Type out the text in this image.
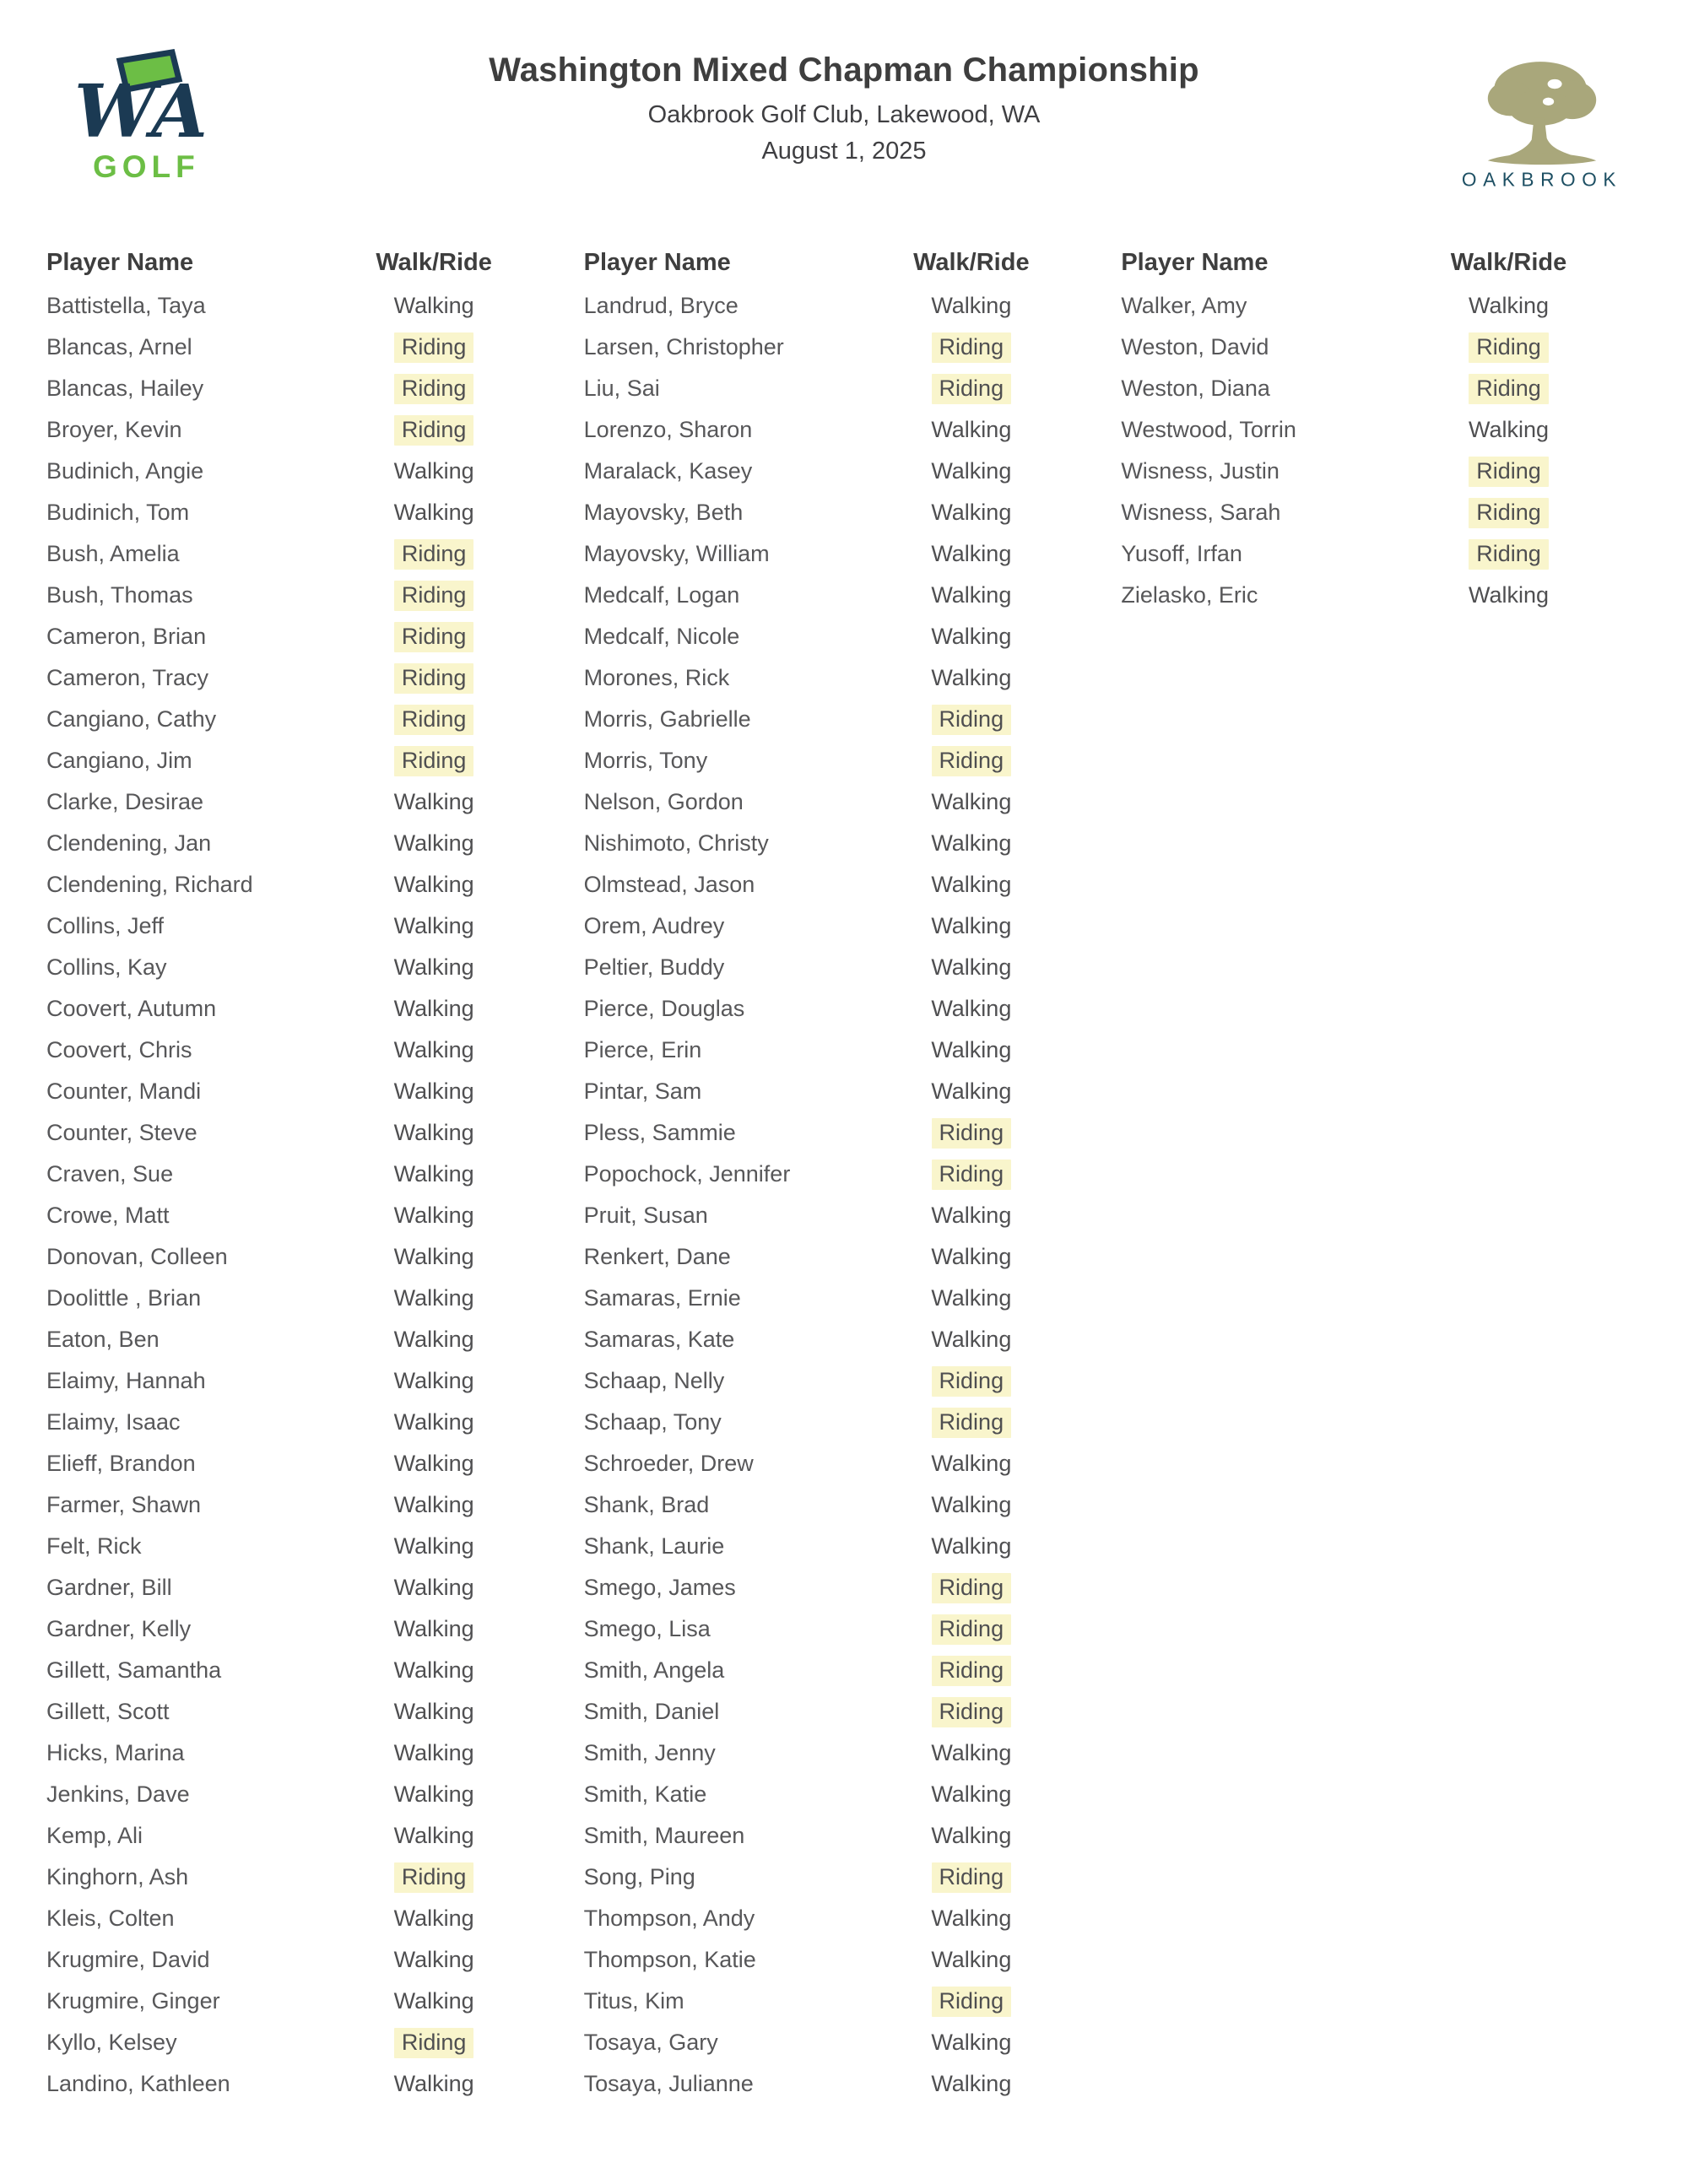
WA
GOLF
Washington Mixed Chapman Championship
Oakbrook Golf Club, Lakewood, WA
August 1, 2025
OAKBROOK
Player Name	Walk/Ride
Battistella, Taya	Walking
Blancas, Arnel	Riding
Blancas, Hailey	Riding
Broyer, Kevin	Riding
Budinich, Angie	Walking
Budinich, Tom	Walking
Bush, Amelia	Riding
Bush, Thomas	Riding
Cameron, Brian	Riding
Cameron, Tracy	Riding
Cangiano, Cathy	Riding
Cangiano, Jim	Riding
Clarke, Desirae	Walking
Clendening, Jan	Walking
Clendening, Richard	Walking
Collins, Jeff	Walking
Collins, Kay	Walking
Coovert, Autumn	Walking
Coovert, Chris	Walking
Counter, Mandi	Walking
Counter, Steve	Walking
Craven, Sue	Walking
Crowe, Matt	Walking
Donovan, Colleen	Walking
Doolittle , Brian	Walking
Eaton, Ben	Walking
Elaimy, Hannah	Walking
Elaimy, Isaac	Walking
Elieff, Brandon	Walking
Farmer, Shawn	Walking
Felt, Rick	Walking
Gardner, Bill	Walking
Gardner, Kelly	Walking
Gillett, Samantha	Walking
Gillett, Scott	Walking
Hicks, Marina	Walking
Jenkins, Dave	Walking
Kemp, Ali	Walking
Kinghorn, Ash	Riding
Kleis, Colten	Walking
Krugmire, David	Walking
Krugmire, Ginger	Walking
Kyllo, Kelsey	Riding
Landino, Kathleen	Walking
Player Name	Walk/Ride
Landrud, Bryce	Walking
Larsen, Christopher	Riding
Liu, Sai	Riding
Lorenzo, Sharon	Walking
Maralack, Kasey	Walking
Mayovsky, Beth	Walking
Mayovsky, William	Walking
Medcalf, Logan	Walking
Medcalf, Nicole	Walking
Morones, Rick	Walking
Morris, Gabrielle	Riding
Morris, Tony	Riding
Nelson, Gordon	Walking
Nishimoto, Christy	Walking
Olmstead, Jason	Walking
Orem, Audrey	Walking
Peltier, Buddy	Walking
Pierce, Douglas	Walking
Pierce, Erin	Walking
Pintar, Sam	Walking
Pless, Sammie	Riding
Popochock, Jennifer	Riding
Pruit, Susan	Walking
Renkert, Dane	Walking
Samaras, Ernie	Walking
Samaras, Kate	Walking
Schaap, Nelly	Riding
Schaap, Tony	Riding
Schroeder, Drew	Walking
Shank, Brad	Walking
Shank, Laurie	Walking
Smego, James	Riding
Smego, Lisa	Riding
Smith, Angela	Riding
Smith, Daniel	Riding
Smith, Jenny	Walking
Smith, Katie	Walking
Smith, Maureen	Walking
Song, Ping	Riding
Thompson, Andy	Walking
Thompson, Katie	Walking
Titus, Kim	Riding
Tosaya, Gary	Walking
Tosaya, Julianne	Walking
Player Name	Walk/Ride
Walker, Amy	Walking
Weston, David	Riding
Weston, Diana	Riding
Westwood, Torrin	Walking
Wisness, Justin	Riding
Wisness, Sarah	Riding
Yusoff, Irfan	Riding
Zielasko, Eric	Walking
